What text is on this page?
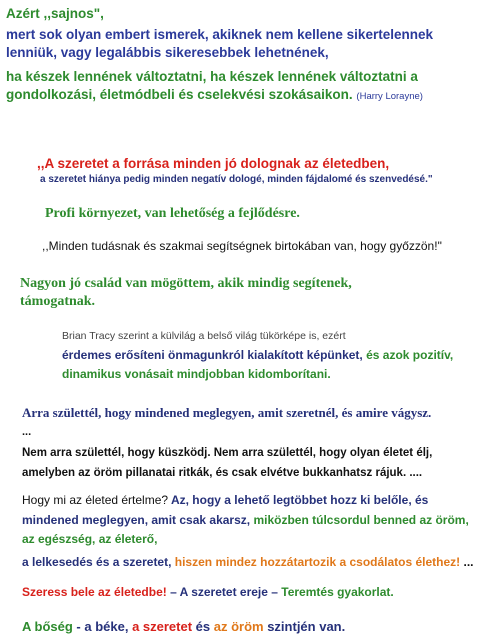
Azért ,,sajnos",
mert sok olyan embert ismerek, akiknek nem kellene sikertelennek
lenniük, vagy legalábbis sikeresebbek lehetnének,
ha készek lennének változtatni, ha készek lennének változtatni a
gondolkozási, életmódbeli és cselekvési szokásaikon. (Harry Lorayne)
,,A szeretet a forrása minden jó dolognak az életedben,
a szeretet hiánya pedig minden negatív dologé, minden fájdalomé és szenvedésé."
Profi környezet, van lehetőség a fejlődésre.
,,Minden tudásnak és szakmai segítségnek birtokában van, hogy győzzön!"
Nagyon jó család van mögöttem, akik mindig segítenek,
támogatnak.
Brian Tracy szerint a külvilág a belső világ tükörképe is, ezért
érdemes erősíteni önmagunkról kialakított képünket, és azok pozitív,
dinamikus vonásait mindjobban kidomborítani.
Arra születtél, hogy mindened meglegyen, amit szeretnél, és amire vágysz.
...
Nem arra születtél, hogy küszködj. Nem arra születtél, hogy olyan életet élj,
amelyben az öröm pillanatai ritkák, és csak elvétve bukkanhatsz rájuk. ....
Hogy mi az életed értelme? Az, hogy a lehető legtöbbet hozz ki belőle, és
mindened meglegyen, amit csak akarsz, miközben túlcsordul benned az öröm,
az egészség, az életerő,
a lelkesedés és a szeretet, hiszen mindez hozzátartozik a csodálatos élethez! ...
Szeress bele az életedbe! – A szeretet ereje – Teremtés gyakorlat.
A bőség - a béke, a szeretet és az öröm szintjén van.
